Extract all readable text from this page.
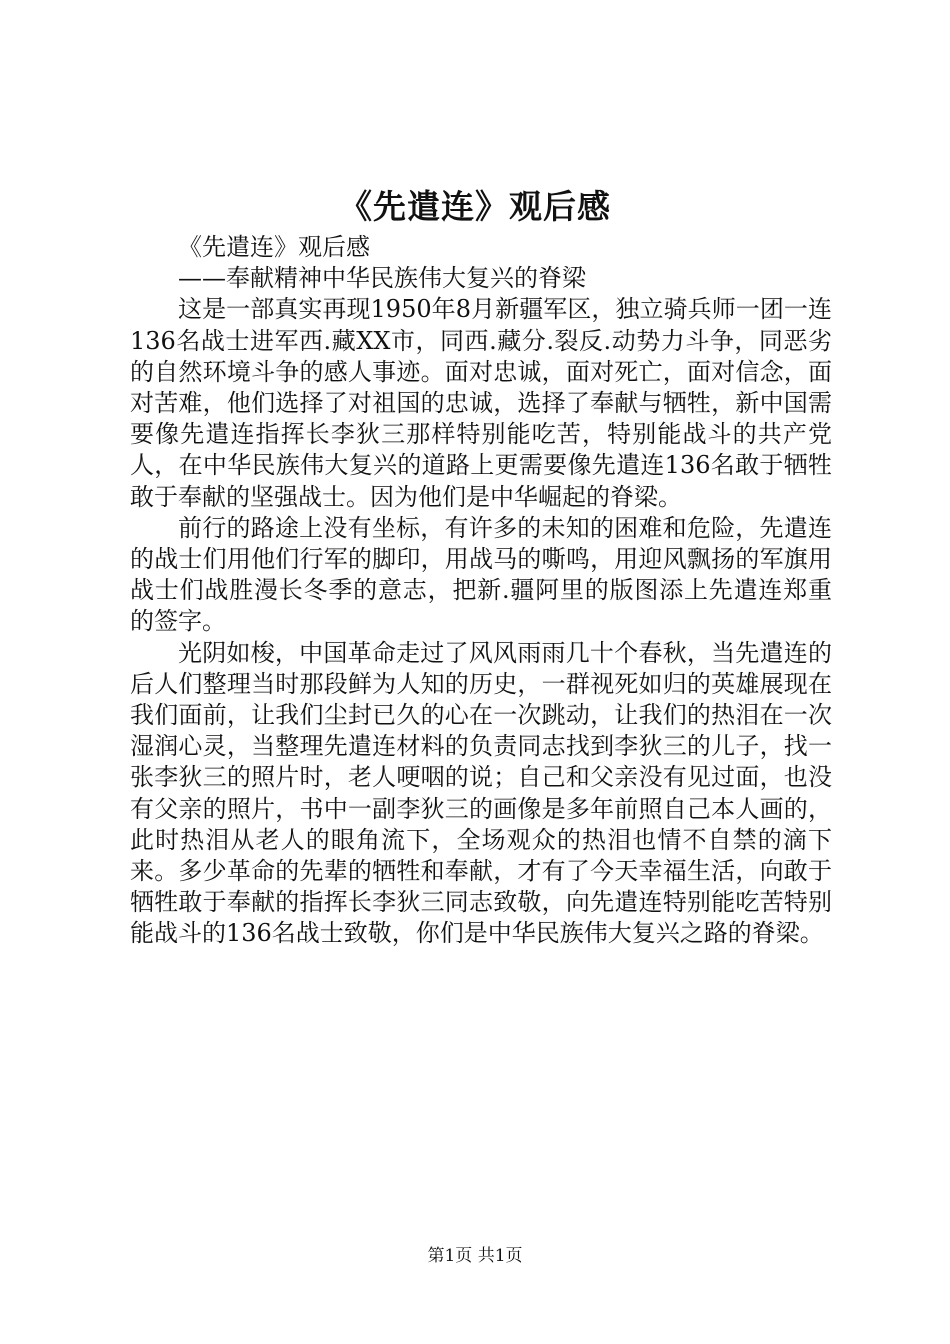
《先遣连》观后感

《先遣连》观后感

——奉献精神中华民族伟大复兴的脊梁

这是一部真实再现1950年8月新疆军区，独立骑兵师一团一连136名战士进军西.藏XX市，同西.藏分.裂反.动势力斗争，同恶劣的自然环境斗争的感人事迹。面对忠诚，面对死亡，面对信念，面对苦难，他们选择了对祖国的忠诚，选择了奉献与牺牲，新中国需要像先遣连指挥长李狄三那样特别能吃苦，特别能战斗的共产党人，在中华民族伟大复兴的道路上更需要像先遣连136名敢于牺牲敢于奉献的坚强战士。因为他们是中华崛起的脊梁。

前行的路途上没有坐标，有许多的未知的困难和危险，先遣连的战士们用他们行军的脚印，用战马的嘶鸣，用迎风飘扬的军旗用战士们战胜漫长冬季的意志，把新.疆阿里的版图添上先遣连郑重的签字。

光阴如梭，中国革命走过了风风雨雨几十个春秋，当先遣连的后人们整理当时那段鲜为人知的历史，一群视死如归的英雄展现在我们面前，让我们尘封已久的心在一次跳动，让我们的热泪在一次湿润心灵，当整理先遣连材料的负责同志找到李狄三的儿子，找一张李狄三的照片时，老人哽咽的说；自己和父亲没有见过面，也没有父亲的照片，书中一副李狄三的画像是多年前照自己本人画的，此时热泪从老人的眼角流下，全场观众的热泪也情不自禁的滴下来。多少革命的先辈的牺牲和奉献，才有了今天幸福生活，向敢于牺牲敢于奉献的指挥长李狄三同志致敬，向先遣连特别能吃苦特别能战斗的136名战士致敬，你们是中华民族伟大复兴之路的脊梁。

第1页 共1页
